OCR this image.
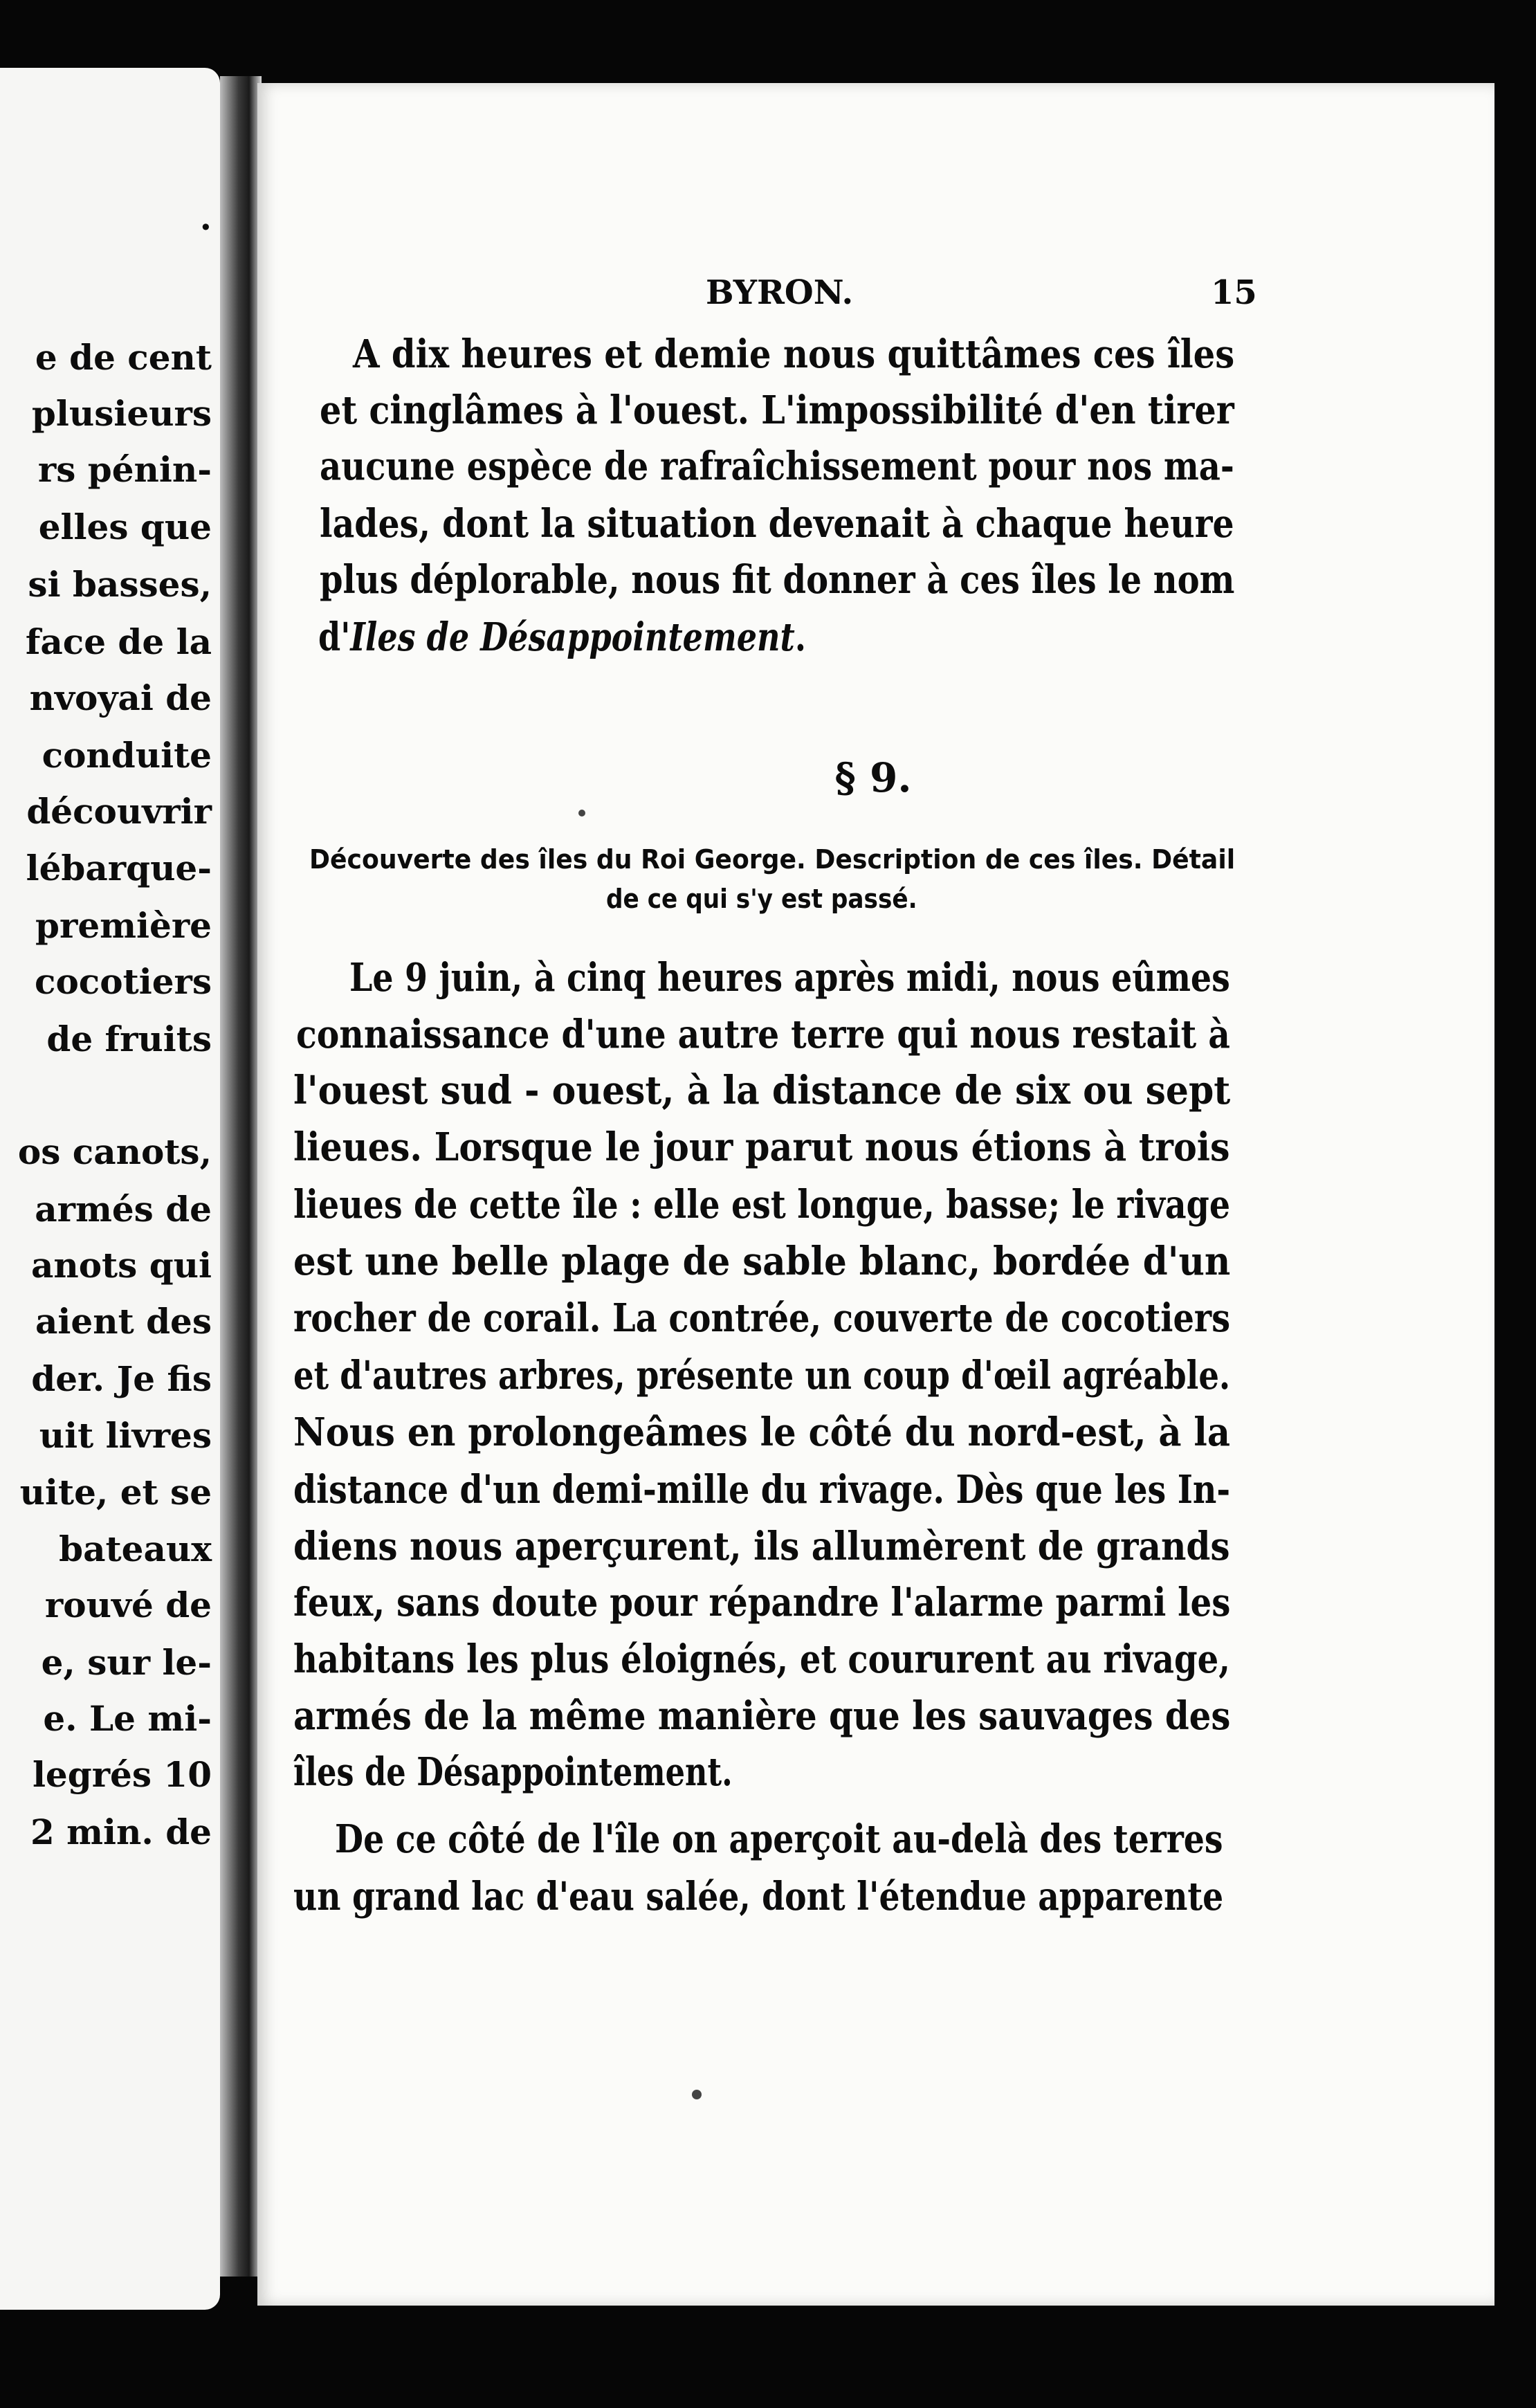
.
e de cent
plusieurs
rs pénin-
elles que
si basses,
face de la
nvoyai de
conduite
découvrir
lébarque-
première
cocotiers
de fruits
os canots,
armés de
anots qui
aient des
der. Je fis
uit livres
uite, et se
bateaux
rouvé de
e, sur le-
e. Le mi-
legrés 10
2 min. de
BYRON.	15
A dix heures et demie nous quittâmes ces îles
et cinglâmes à l'ouest. L'impossibilité d'en tirer
aucune espèce de rafraîchissement pour nos ma-
lades, dont la situation devenait à chaque heure
plus déplorable, nous fit donner à ces îles le nom
d'Iles de Désappointement.
Le 9 juin, à cinq heures après midi, nous eûmes
connaissance d'une autre terre qui nous restait à
l'ouest sud - ouest, à la distance de six ou sept
lieues. Lorsque le jour parut nous étions à trois
lieues de cette île : elle est longue, basse; le rivage
est une belle plage de sable blanc, bordée d'un
rocher de corail. La contrée, couverte de cocotiers
et d'autres arbres, présente un coup d'œil agréable.
Nous en prolongeâmes le côté du nord-est, à la
distance d'un demi-mille du rivage. Dès que les In-
diens nous aperçurent, ils allumèrent de grands
feux, sans doute pour répandre l'alarme parmi les
habitans les plus éloignés, et coururent au rivage,
armés de la même manière que les sauvages des
îles de Désappointement.
De ce côté de l'île on aperçoit au-delà des terres
un grand lac d'eau salée, dont l'étendue apparente
§ 9.
Découverte des îles du Roi George. Description de ces îles. Détail
de ce qui s'y est passé.
